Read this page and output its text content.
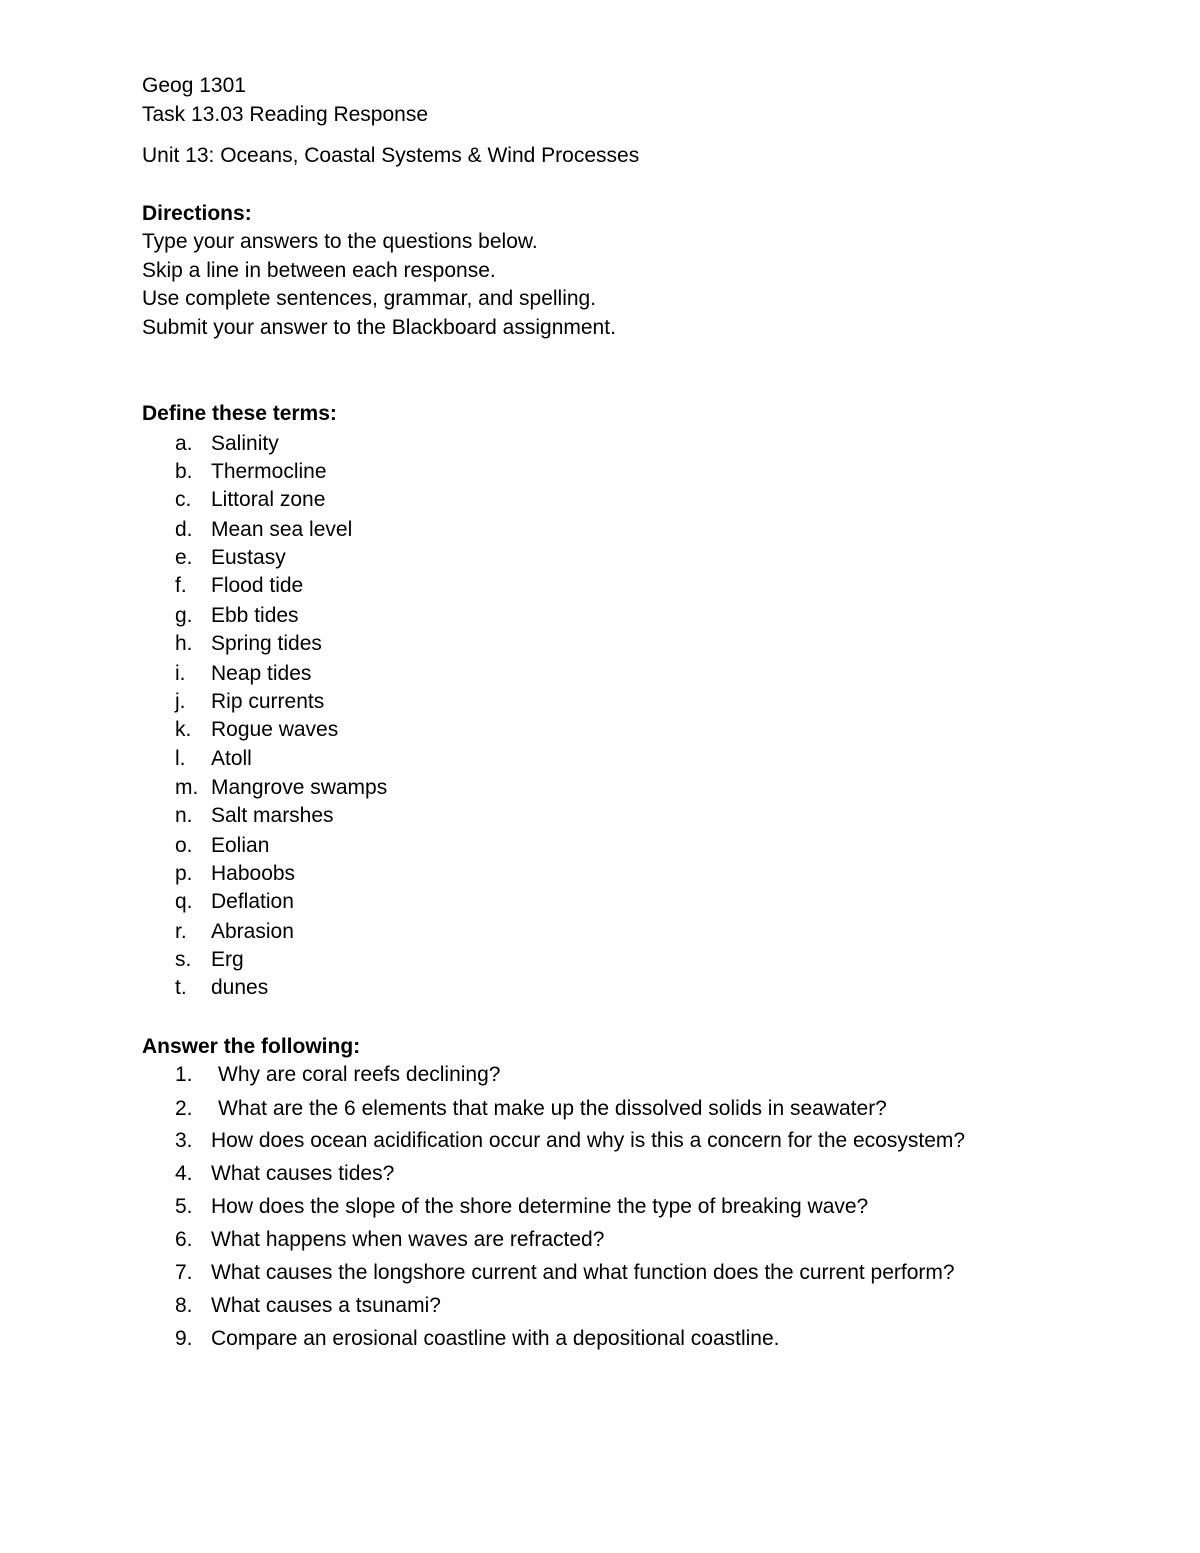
Geog 1301
Task 13.03 Reading Response
Unit 13: Oceans, Coastal Systems & Wind Processes
Directions:
Type your answers to the questions below.
Skip a line in between each response.
Use complete sentences, grammar, and spelling.
Submit your answer to the Blackboard assignment.
Define these terms:
a. Salinity
b. Thermocline
c. Littoral zone
d. Mean sea level
e. Eustasy
f. Flood tide
g. Ebb tides
h. Spring tides
i. Neap tides
j. Rip currents
k. Rogue waves
l. Atoll
m. Mangrove swamps
n. Salt marshes
o. Eolian
p. Haboobs
q. Deflation
r. Abrasion
s. Erg
t. dunes
Answer the following:
1. Why are coral reefs declining?
2. What are the 6 elements that make up the dissolved solids in seawater?
3. How does ocean acidification occur and why is this a concern for the ecosystem?
4. What causes tides?
5. How does the slope of the shore determine the type of breaking wave?
6. What happens when waves are refracted?
7. What causes the longshore current and what function does the current perform?
8. What causes a tsunami?
9. Compare an erosional coastline with a depositional coastline.
